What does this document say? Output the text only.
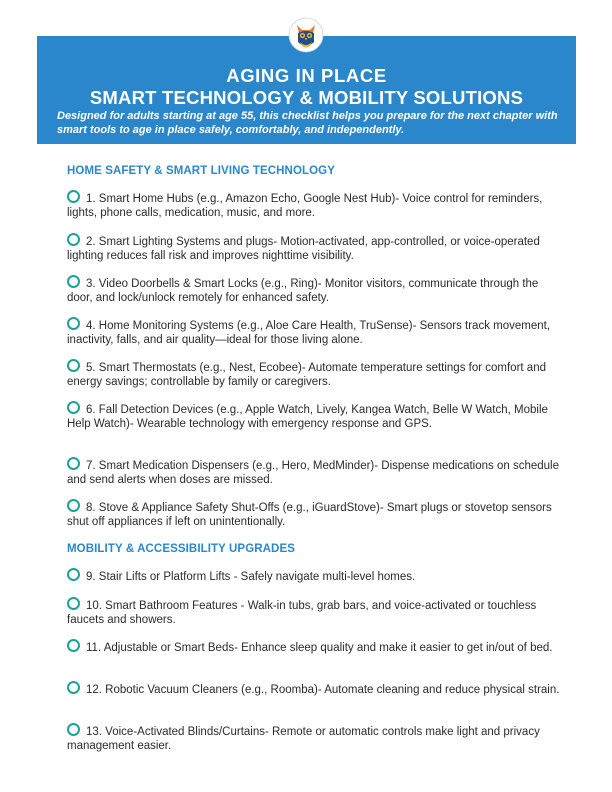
AGING IN PLACE
SMART TECHNOLOGY & MOBILITY SOLUTIONS
Designed for adults starting at age 55, this checklist helps you prepare for the next chapter with smart tools to age in place safely, comfortably, and independently.
HOME SAFETY & SMART LIVING TECHNOLOGY
1. Smart Home Hubs (e.g., Amazon Echo, Google Nest Hub)- Voice control for reminders, lights, phone calls, medication, music, and more.
2. Smart Lighting Systems and plugs- Motion-activated, app-controlled, or voice-operated lighting reduces fall risk and improves nighttime visibility.
3. Video Doorbells & Smart Locks (e.g., Ring)- Monitor visitors, communicate through the door, and lock/unlock remotely for enhanced safety.
4. Home Monitoring Systems (e.g., Aloe Care Health, TruSense)- Sensors track movement, inactivity, falls, and air quality—ideal for those living alone.
5. Smart Thermostats (e.g., Nest, Ecobee)- Automate temperature settings for comfort and energy savings; controllable by family or caregivers.
6. Fall Detection Devices (e.g., Apple Watch, Lively, Kangea Watch, Belle W Watch, Mobile Help Watch)- Wearable technology with emergency response and GPS.
7. Smart Medication Dispensers (e.g., Hero, MedMinder)- Dispense medications on schedule and send alerts when doses are missed.
8. Stove & Appliance Safety Shut-Offs (e.g., iGuardStove)- Smart plugs or stovetop sensors shut off appliances if left on unintentionally.
MOBILITY & ACCESSIBILITY UPGRADES
9. Stair Lifts or Platform Lifts - Safely navigate multi-level homes.
10. Smart Bathroom Features - Walk-in tubs, grab bars, and voice-activated or touchless faucets and showers.
11. Adjustable or Smart Beds- Enhance sleep quality and make it easier to get in/out of bed.
12. Robotic Vacuum Cleaners (e.g., Roomba)- Automate cleaning and reduce physical strain.
13. Voice-Activated Blinds/Curtains- Remote or automatic controls make light and privacy management easier.
